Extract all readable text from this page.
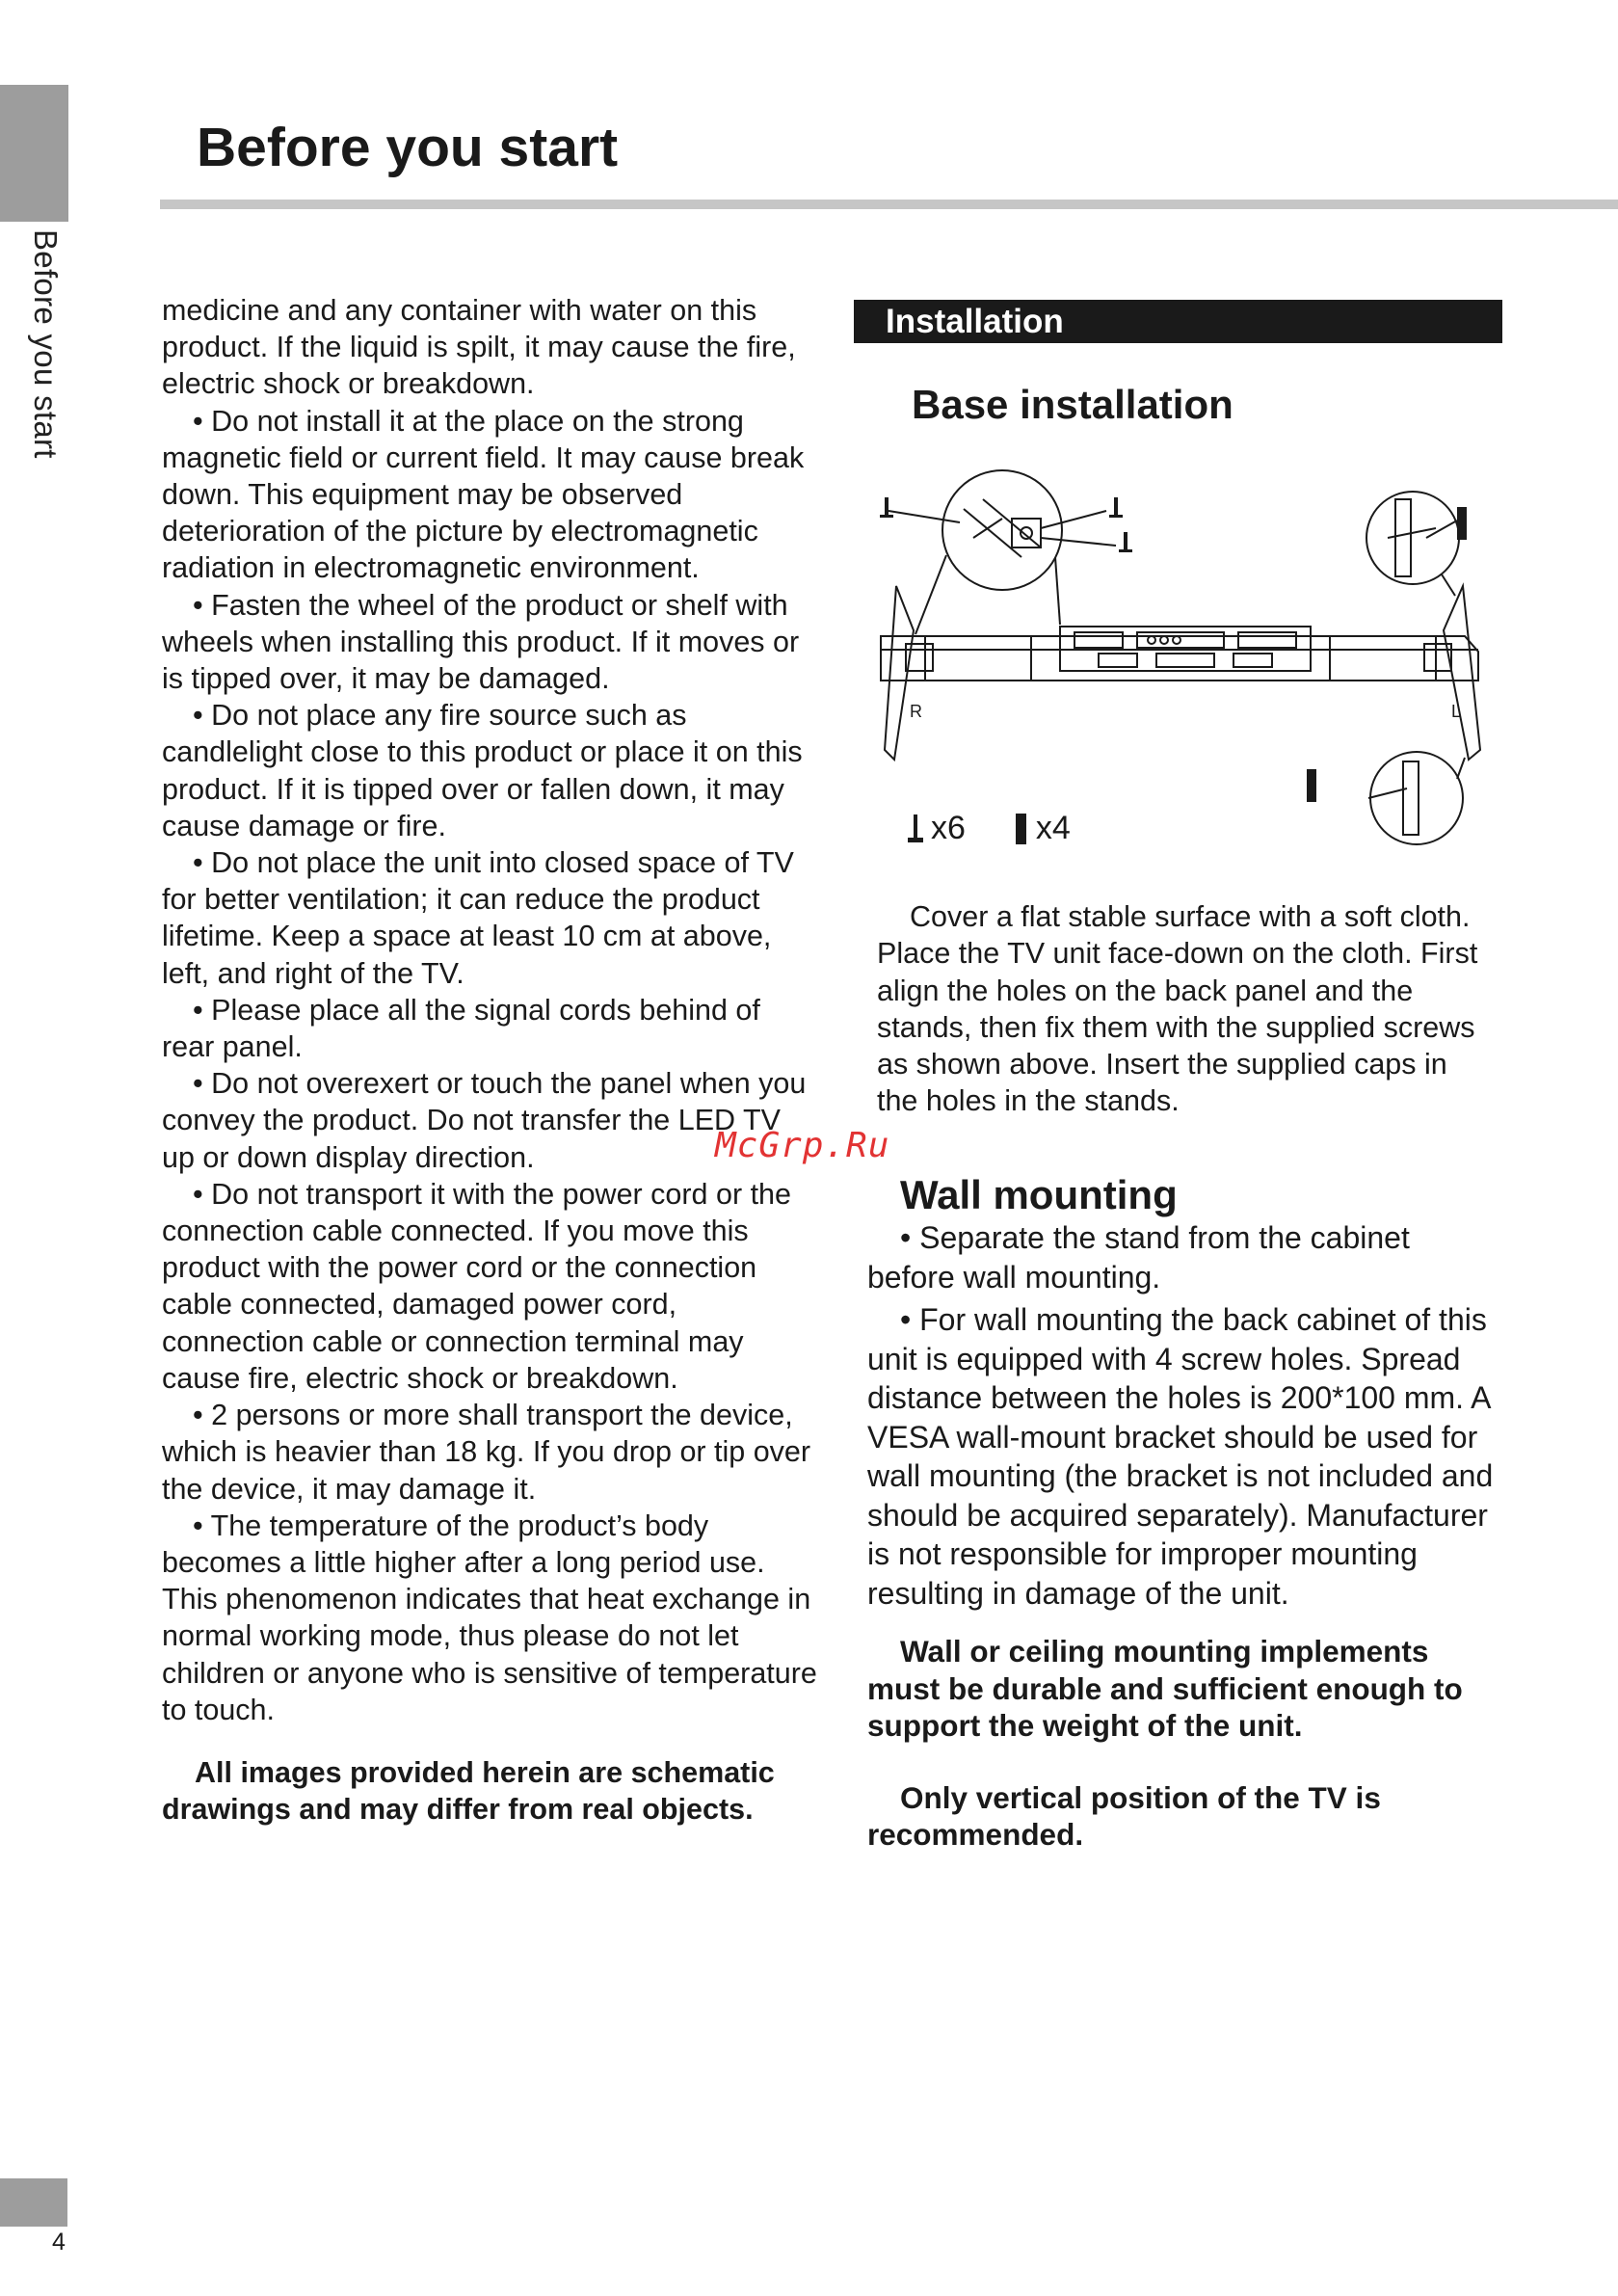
Before you start
Before you start

medicine and any container with water on this product. If the liquid is spilt, it may cause the fire, electric shock or breakdown.

• Do not install it at the place on the strong magnetic field or current field. It may cause break down. This equipment may be observed deterioration of the picture by electromagnetic radiation in electromagnetic environment.

• Fasten the wheel of the product or shelf with wheels when installing this product. If it moves or is tipped over, it may be damaged.

• Do not place any fire source such as candlelight close to this product or place it on this product. If it is tipped over or fallen down, it may cause damage or fire.

• Do not place the unit into closed space of TV for better ventilation; it can reduce the product lifetime. Keep a space at least 10 cm at above, left, and right of the TV.

• Please place all the signal cords behind of rear panel.

• Do not overexert or touch the panel when you convey the product. Do not transfer the LED TV up or down display direction.

• Do not transport it with the power cord or the connection cable connected. If you move this product with the power cord or the connection cable connected, damaged power cord, connection cable or connection terminal may cause fire, electric shock or breakdown.

• 2 persons or more shall transport the device, which is heavier than 18 kg. If you drop or tip over the device, it may damage it.

• The temperature of the product’s body becomes a little higher after a long period use. This phenomenon indicates that heat exchange in normal working mode, thus please do not let children or anyone who is sensitive of temperature to touch.

All images provided herein are schematic drawings and may differ from real objects.

Installation
Base installation
R	L
x6 x4

Cover a flat stable surface with a soft cloth. Place the TV unit face-down on the cloth. First align the holes on the back panel and the stands, then fix them with the supplied screws as shown above. Insert the supplied caps in the holes in the stands.

McGrp.Ru
Wall mounting

• Separate the stand from the cabinet before wall mounting.

• For wall mounting the back cabinet of this unit is equipped with 4 screw holes. Spread distance between the holes is 200*100 mm. A VESA wall-mount bracket should be used for wall mounting (the bracket is not included and should be acquired separately). Manufacturer is not responsible for improper mounting resulting in damage of the unit.

Wall or ceiling mounting implements must be durable and sufficient enough to support the weight of the unit.

Only vertical position of the TV is recommended.

4
